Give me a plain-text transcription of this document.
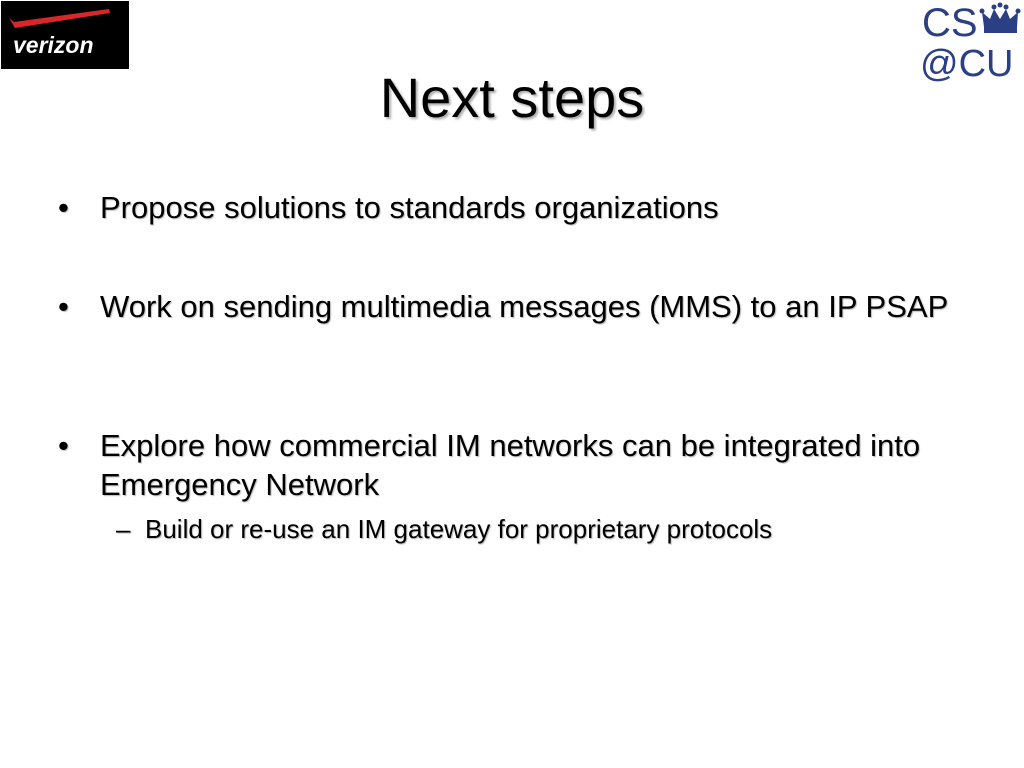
verizon	CS
@CU
Next steps
• Propose solutions to standards organizations
• Work on sending multimedia messages (MMS) to an IP PSAP
• Explore how commercial IM networks can be integrated into Emergency Network
– Build or re-use an IM gateway for proprietary protocols
